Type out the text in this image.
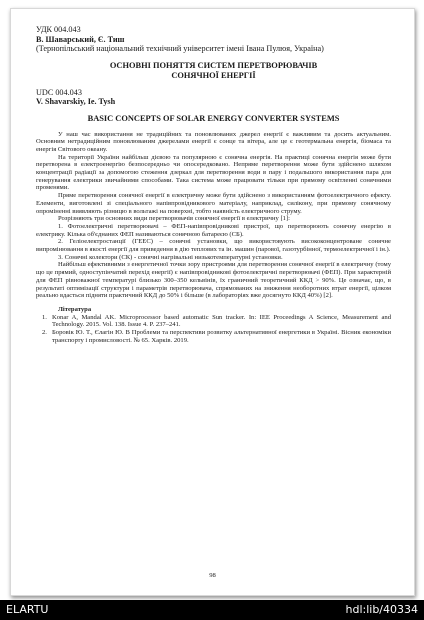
УДК 004.043
В. Шаварський, Є. Тиш
(Тернопільський національний технічний університет імені Івана Пулюя, Україна)
ОСНОВНІ ПОНЯТТЯ СИСТЕМ ПЕРЕТВОРЮВАЧІВ
СОНЯЧНОЇ ЕНЕРГІЇ
UDC 004.043
V. Shavarskiy, Ie. Tysh
BASIC CONCEPTS OF SOLAR ENERGY CONVERTER SYSTEMS

У наш час використання не традиційних та поновлюваних джерел енергії є важливим та досить актуальним. Основним нетрадиційним поновлюваним джерелами енергії є сонце та вітера, але це є геотермальна енергія, біомаса та енергія Світового океану.

На території України найбільш дієвою та популярною є сонячна енергія. На практиці сонячна енергія може бути перетворена в електроенергію безпосередньо чи опосередковано. Непряме перетворення може бути здійснено шляхом концентрації радіації за допомогою стеження дзеркал для перетворення води в пару і подальшого використання пара для генерування електрики звичайними способами. Така система може працювати тільки при прямому освітленні сонячними променями.

Пряме перетворення сонячної енергії в електричну може бути здійснено з використанням фотоелектричного ефекту. Елементи, виготовлені зі спеціального напівпровідникового матеріалу, наприклад, силікону, при прямому сонячному опроміненні виявляють різницю в вольтажі на поверхні, тобто наявність електричного струму.

Розрізняють три основних види перетворювачів сонячної енергії в електричну [1]:

1. Фотоелектричні перетворювачі – ФЕП-напівпровідникові пристрої, що перетворюють сонячну енергію в електрику. Кілька об'єднаних ФЕП називаються сонячною батареєю (СБ).

2. Геліоелектростанції (ГЕЕС) – сонячні установки, що використовують висококонцентроване сонячне випромінювання в якості енергії для приведення в дію теплових та ін. машин (парової, газотурбінної, термоелектричної і ін.).

3. Сонячні колектори (СК) - сонячні нагрівальні низькотемпературні установки.

Найбільш ефективними з енергетичної точки зору пристроями для перетворення сонячної енергії в електричну (тому що це прямий, одноступінчатий перехід енергії) є напівпровідникові фотоелектричні перетворювачі (ФЕП). При характерній для ФЕП рівноважної температурі близько 300–350 кельвінів, їх граничний теоретичний ККД > 90%. Це означає, що, в результаті оптимізації структури і параметрів перетворювача, спрямованих на зниження необоротних втрат енергії, цілком реально вдасться підняти практичний ККД до 50% і більше (в лабораторіях вже досягнуто ККД 40%) [2].

Література
1. Konar A, Mandal AK. Microprocessor based automatic Sun tracker. In: IEE Proceedings A Science, Measurement and Technology. 2015. Vol. 138. Issue 4. P. 237–241.
2. Боровік Ю. Т., Єлагін Ю. В Проблеми та перспективи розвитку альтернативної енергетики в Україні. Вісник економіки транспорту і промисловості. № 65. Харків. 2019.
98
ELARTU	hdl:lib/40334
